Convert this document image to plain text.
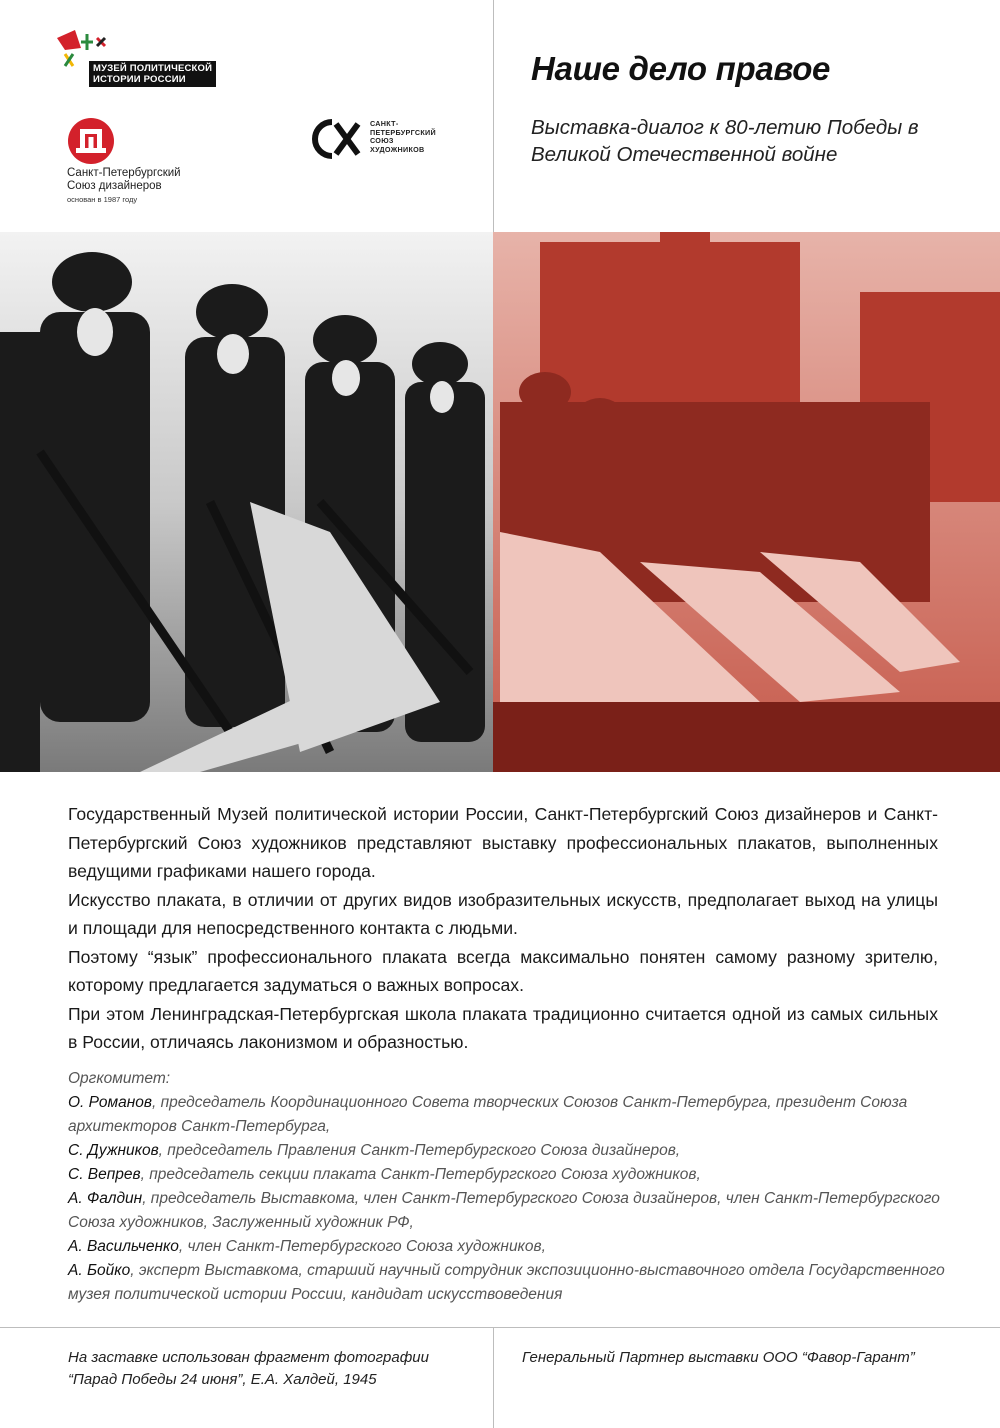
МУЗЕЙ ПОЛИТИЧЕСКОЙ
ИСТОРИИ РОССИИ
Санкт-Петербургский
Союз дизайнеров
основан в 1987 году
САНКТ-
ПЕТЕРБУРГСКИЙ
СОЮЗ
ХУДОЖНИКОВ
Наше дело правое
Выставка-диалог к 80-летию Победы в Великой Отечественной войне

Государственный Музей политической истории России, Санкт-Петербургский Союз дизайнеров и Санкт-Петербургский Союз художников представляют выставку профессиональных плакатов, выполненных ведущими графиками нашего города.

Искусство плаката, в отличии от других видов изобразительных искусств, предполагает выход на улицы и площади для непосредственного контакта с людьми.

Поэтому “язык” профессионального плаката всегда максимально понятен самому разному зрителю, которому предлагается задуматься о важных вопросах.

При этом Ленинградская-Петербургская школа плаката традиционно считается одной из самых сильных в России, отличаясь лаконизмом и образностью.

Оргкомитет:

О. Романов, председатель Координационного Совета творческих Союзов Санкт-Петербурга, президент Союза архитекторов Санкт-Петербурга,

С. Дужников, председатель Правления Санкт-Петербургского Союза дизайнеров,

С. Вепрев, председатель секции плаката Санкт-Петербургского Союза художников,

А. Фалдин, председатель Выставкома, член Санкт-Петербургского Союза дизайнеров, член Санкт-Петербургского Союза художников, Заслуженный художник РФ,

А. Васильченко, член Санкт-Петербургского Союза художников,

А. Бойко, эксперт Выставкома, старший научный сотрудник экспозиционно-выставочного отдела Государственного музея политической истории России, кандидат искусствоведения

На заставке использован фрагмент фотографии
“Парад Победы 24 июня”, Е.А. Халдей, 1945
Генеральный Партнер выставки ООО “Фавор-Гарант”
